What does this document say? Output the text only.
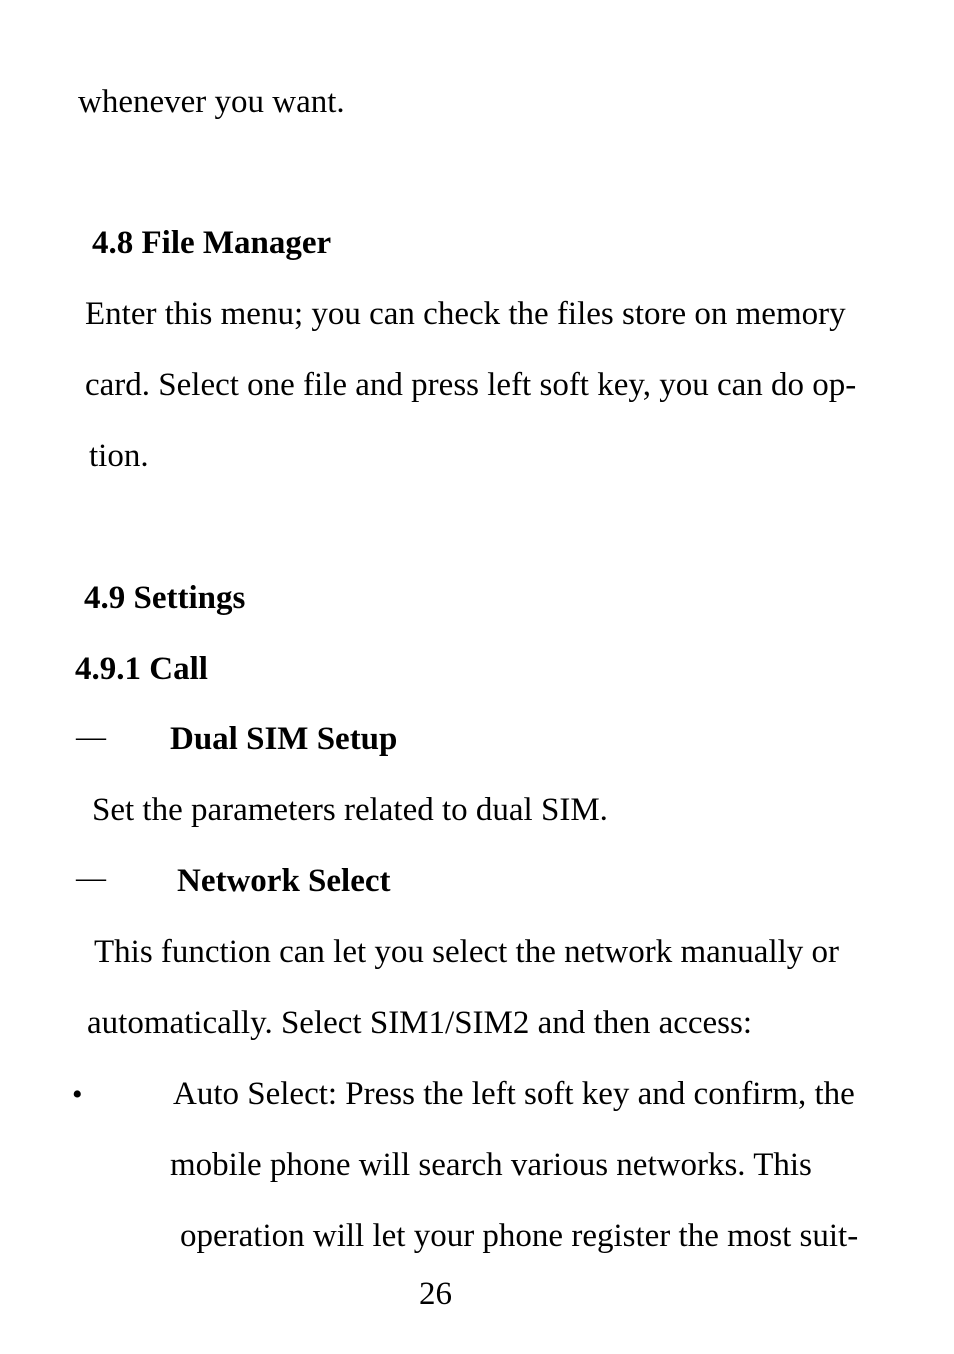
whenever you want.
4.8 File Manager
Enter this menu; you can check the files store on memory
card. Select one file and press left soft key, you can do op-
tion.
4.9 Settings
4.9.1 Call
— Dual SIM Setup
Set the parameters related to dual SIM.
— Network Select
This function can let you select the network manually or
automatically. Select SIM1/SIM2 and then access:
•	Auto Select: Press the left soft key and confirm, the
mobile phone will search various networks. This
operation will let your phone register the most suit-
26
